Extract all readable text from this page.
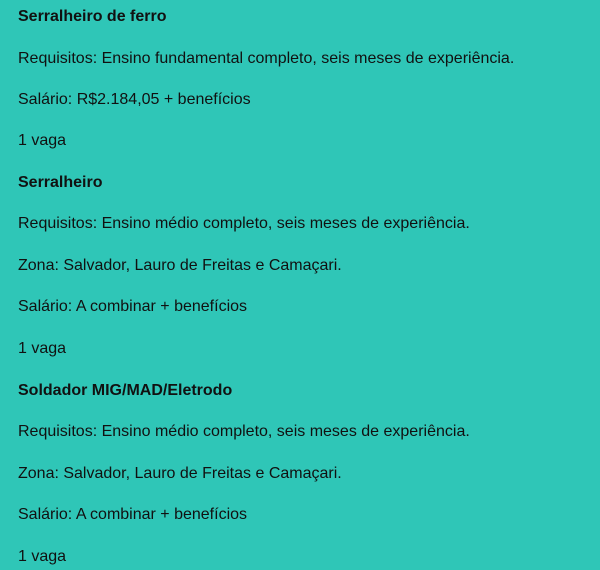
Serralheiro de ferro

Requisitos: Ensino fundamental completo, seis meses de experiência.

Salário: R$2.184,05 + benefícios

1 vaga

Serralheiro

Requisitos: Ensino médio completo, seis meses de experiência.

Zona: Salvador, Lauro de Freitas e Camaçari.

Salário: A combinar + benefícios

1 vaga

Soldador MIG/MAD/Eletrodo

Requisitos: Ensino médio completo, seis meses de experiência.

Zona: Salvador, Lauro de Freitas e Camaçari.

Salário: A combinar + benefícios

1 vaga
